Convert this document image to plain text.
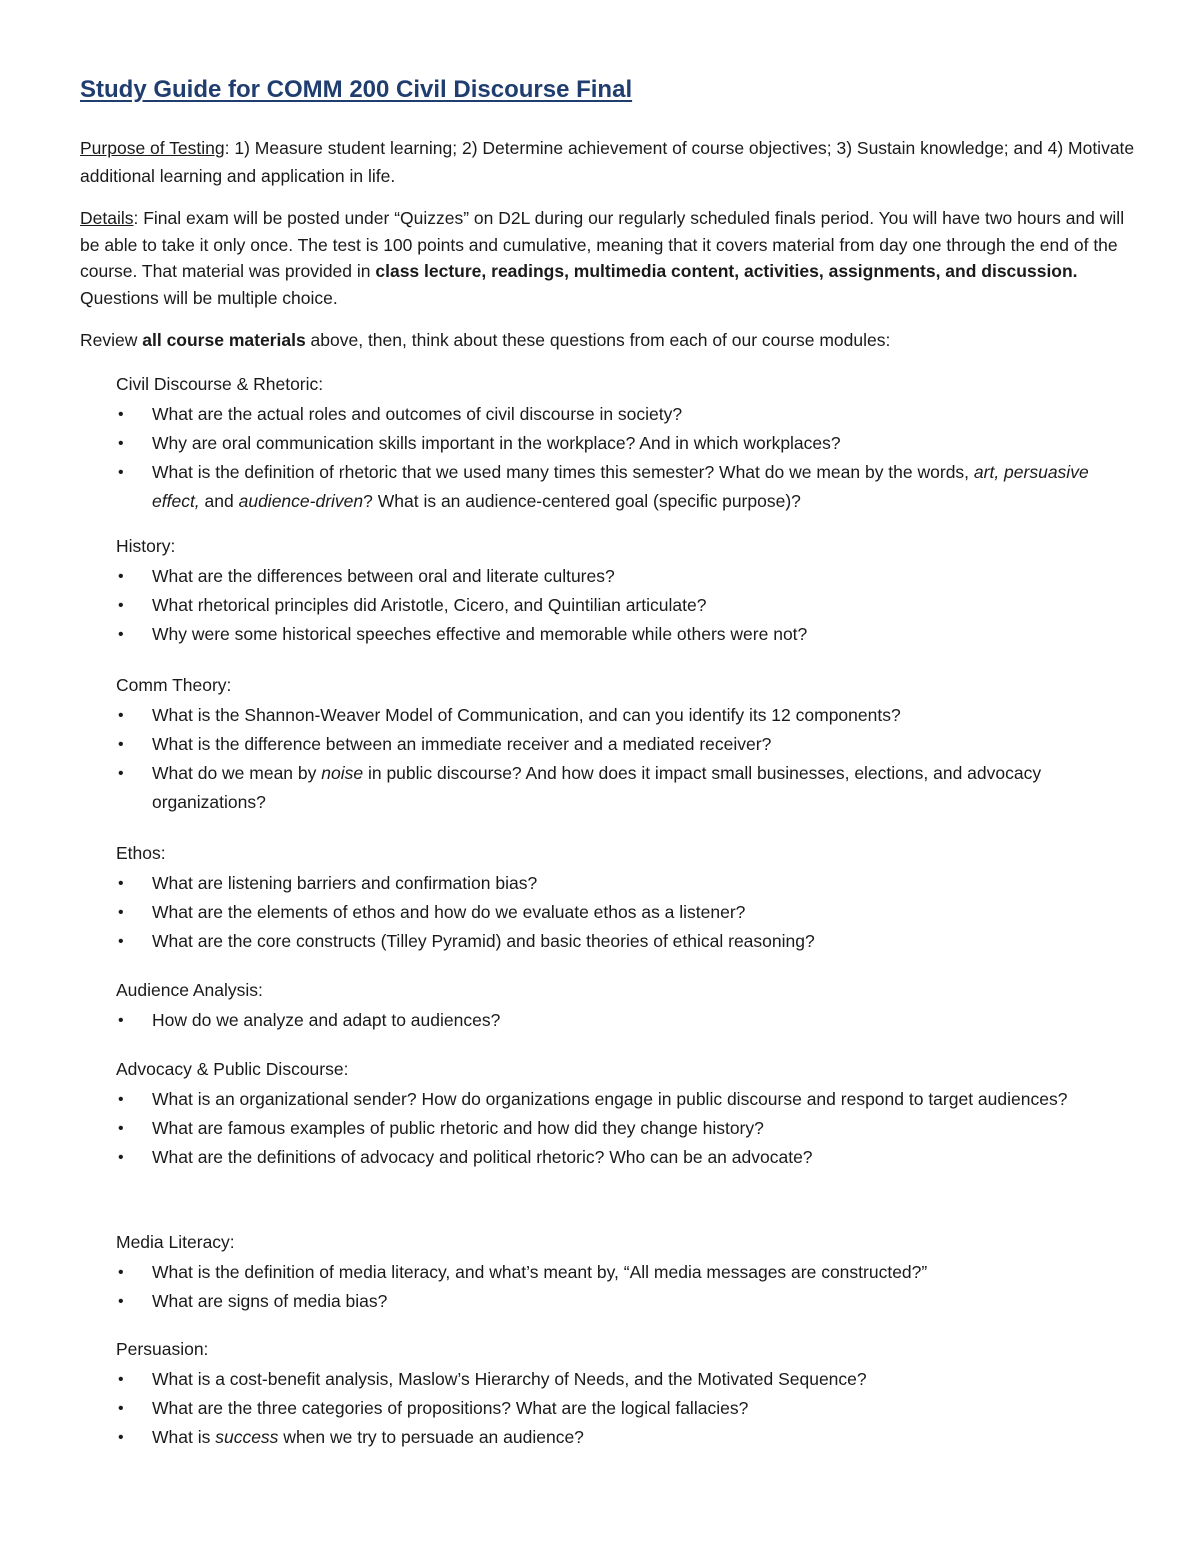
Study Guide for COMM 200 Civil Discourse Final

Purpose of Testing: 1) Measure student learning; 2) Determine achievement of course objectives; 3) Sustain knowledge; and 4) Motivate additional learning and application in life.

Details: Final exam will be posted under “Quizzes” on D2L during our regularly scheduled finals period. You will have two hours and will be able to take it only once. The test is 100 points and cumulative, meaning that it covers material from day one through the end of the course. That material was provided in class lecture, readings, multimedia content, activities, assignments, and discussion. Questions will be multiple choice.

Review all course materials above, then, think about these questions from each of our course modules:

Civil Discourse & Rhetoric:

•	What are the actual roles and outcomes of civil discourse in society?
•	Why are oral communication skills important in the workplace? And in which workplaces?
•	What is the definition of rhetoric that we used many times this semester? What do we mean by the words, art, persuasive effect, and audience-driven? What is an audience-centered goal (specific purpose)?

History:

•	What are the differences between oral and literate cultures?
•	What rhetorical principles did Aristotle, Cicero, and Quintilian articulate?
•	Why were some historical speeches effective and memorable while others were not?

Comm Theory:

•	What is the Shannon-Weaver Model of Communication, and can you identify its 12 components?
•	What is the difference between an immediate receiver and a mediated receiver?
•	What do we mean by noise in public discourse? And how does it impact small businesses, elections, and advocacy organizations?

Ethos:

•	What are listening barriers and confirmation bias?
•	What are the elements of ethos and how do we evaluate ethos as a listener?
•	What are the core constructs (Tilley Pyramid) and basic theories of ethical reasoning?

Audience Analysis:

•	How do we analyze and adapt to audiences?

Advocacy & Public Discourse:

•	What is an organizational sender? How do organizations engage in public discourse and respond to target audiences?
•	What are famous examples of public rhetoric and how did they change history?
•	What are the definitions of advocacy and political rhetoric? Who can be an advocate?

Media Literacy:

•	What is the definition of media literacy, and what’s meant by, “All media messages are constructed?”
•	What are signs of media bias?

Persuasion:

•	What is a cost-benefit analysis, Maslow’s Hierarchy of Needs, and the Motivated Sequence?
•	What are the three categories of propositions? What are the logical fallacies?
•	What is success when we try to persuade an audience?
